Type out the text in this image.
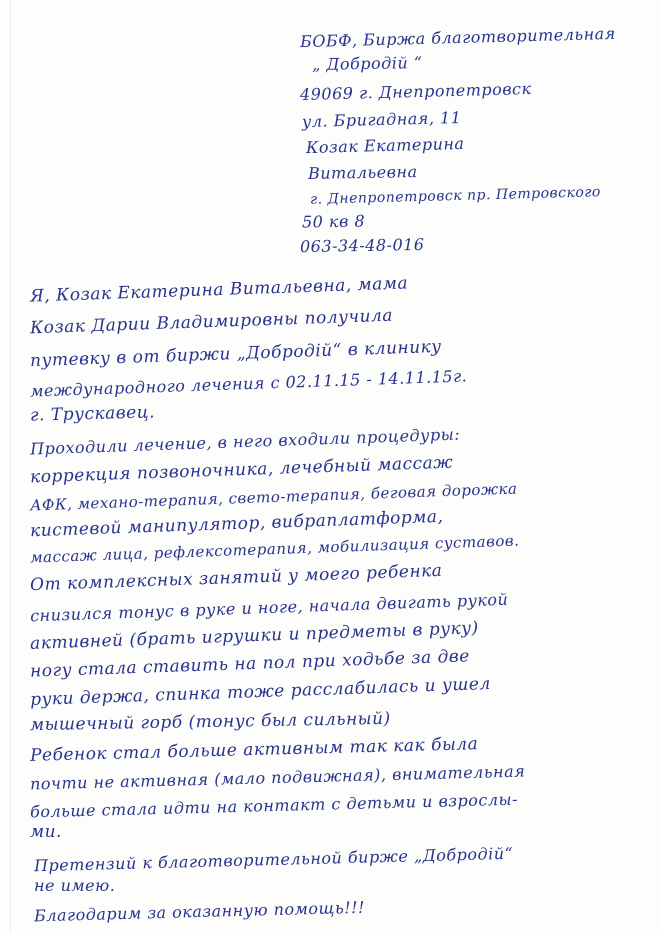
БОБФ, Биржа благотворительная
„ Добродій “
49069 г. Днепропетровск
ул. Бригадная, 11
Козак Екатерина
Витальевна
г. Днепропетровск пр. Петровского
50 кв 8
063-34-48-016
Я, Козак Екатерина Витальевна, мама
Козак Дарии Владимировны получила
путевку в от биржи „Добродій“ в клинику
международного лечения с 02.11.15 - 14.11.15г.
г. Трускавец.
Проходили лечение, в него входили процедуры:
коррекция позвоночника, лечебный массаж
АФК, механо-терапия, свето-терапия, беговая дорожка
кистевой манипулятор, вибраплатформа,
массаж лица, рефлексотерапия, мобилизация суставов.
От комплексных занятий у моего ребенка
снизился тонус в руке и ноге, начала двигать рукой
активней (брать игрушки и предметы в руку)
ногу стала ставить на пол при ходьбе за две
руки держа, спинка тоже расслабилась и ушел
мышечный горб (тонус был сильный)
Ребенок стал больше активным так как была
почти не активная (мало подвижная), внимательная
больше стала идти на контакт с детьми и взрослы-
ми.
Претензий к благотворительной бирже „Добродій“
не имею.
Благодарим за оказанную помощь!!!
